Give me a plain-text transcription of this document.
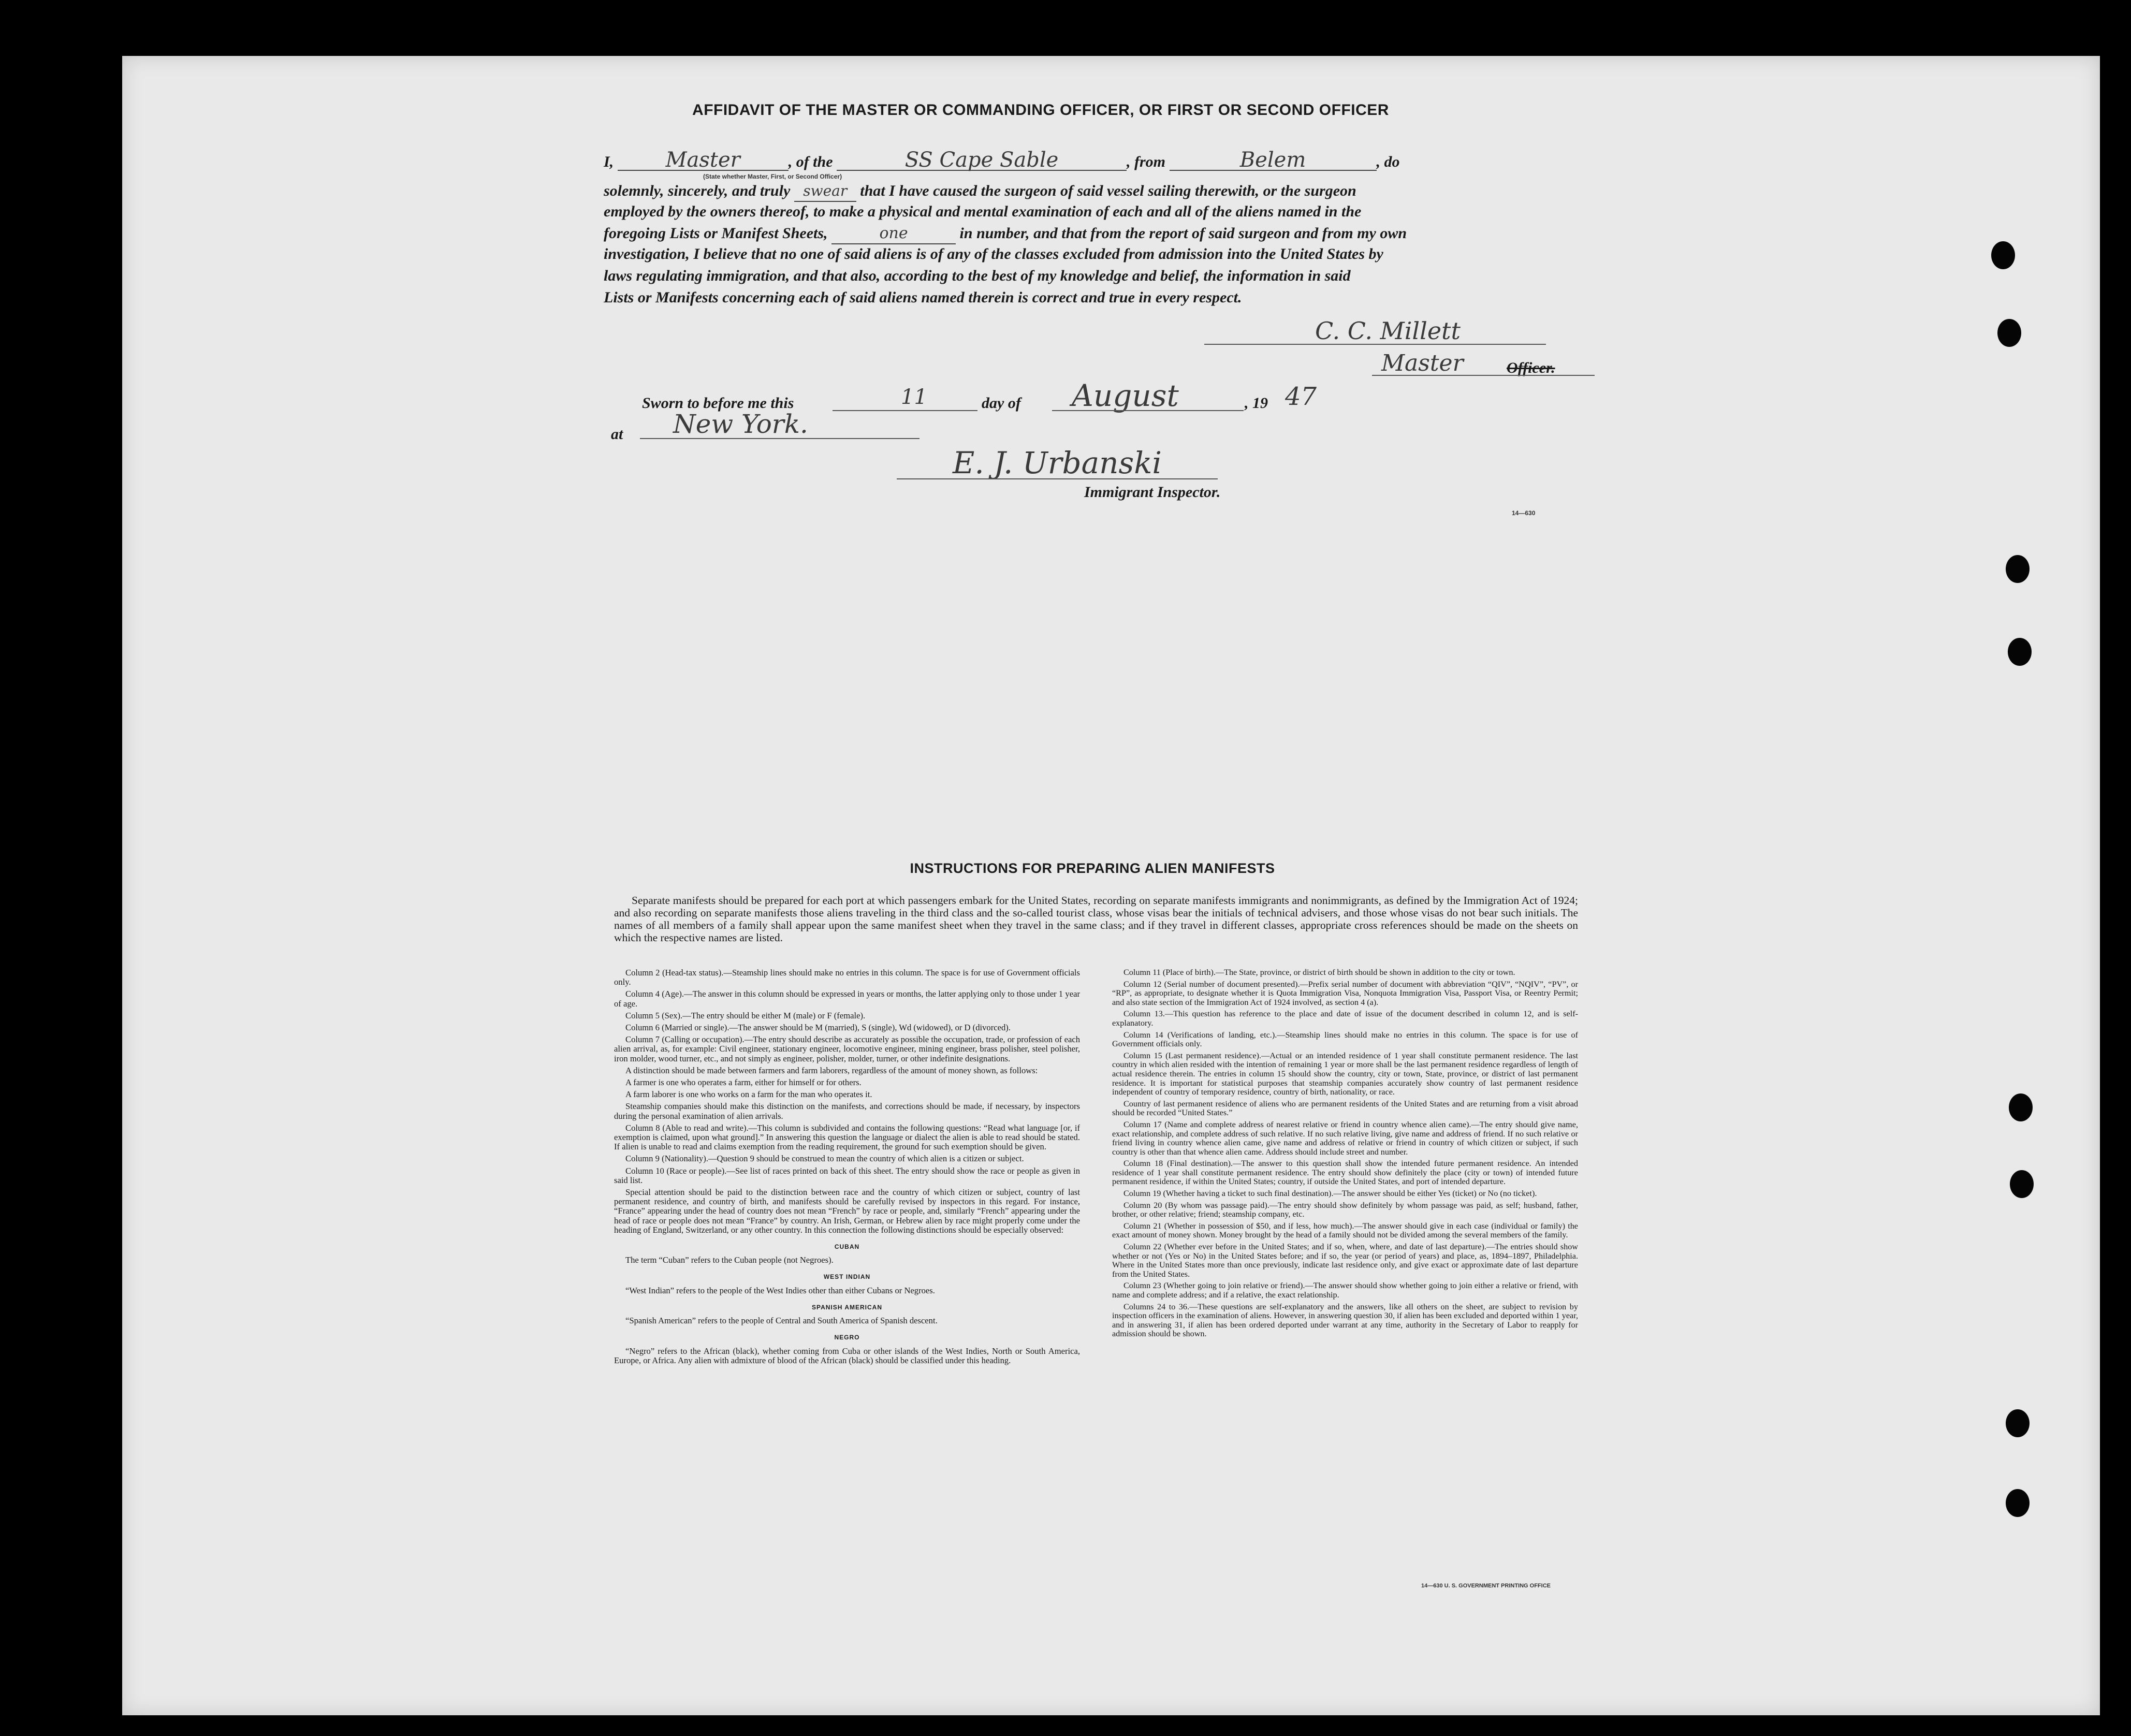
AFFIDAVIT OF THE MASTER OR COMMANDING OFFICER, OR FIRST OR SECOND OFFICER
I,	Master	, of the	SS Cape Sable	, from	Belem	, do
(State whether Master, First, or Second Officer)
solemnly, sincerely, and truly swear that I have caused the surgeon of said vessel sailing therewith, or the surgeon
employed by the owners thereof, to make a physical and mental examination of each and all of the aliens named in the
foregoing Lists or Manifest Sheets,	one	in number, and that from the report of said surgeon and from my own
investigation, I believe that no one of said aliens is of any of the classes excluded from admission into the United States by
laws regulating immigration, and that also, according to the best of my knowledge and belief, the information in said
Lists or Manifests concerning each of said aliens named therein is correct and true in every respect.
C. C. Millett
Master	Officer.
Sworn to before me this	11	day of August	, 19 47
at New York.
E. J. Urbanski
Immigrant Inspector.
14—630
INSTRUCTIONS FOR PREPARING ALIEN MANIFESTS

Separate manifests should be prepared for each port at which passengers embark for the United States, recording on separate manifests immigrants and nonimmigrants, as defined by the Immigration Act of 1924; and also recording on separate manifests those aliens traveling in the third class and the so-called tourist class, whose visas bear the initials of technical advisers, and those whose visas do not bear such initials. The names of all members of a family shall appear upon the same manifest sheet when they travel in the same class; and if they travel in different classes, appropriate cross references should be made on the sheets on which the respective names are listed.

Column 2 (Head-tax status).—Steamship lines should make no entries in this column. The space is for use of Government officials only.

Column 4 (Age).—The answer in this column should be expressed in years or months, the latter applying only to those under 1 year of age.

Column 5 (Sex).—The entry should be either M (male) or F (female).

Column 6 (Married or single).—The answer should be M (married), S (single), Wd (widowed), or D (divorced).

Column 7 (Calling or occupation).—The entry should describe as accurately as possible the occupation, trade, or profession of each alien arrival, as, for example: Civil engineer, stationary engineer, locomotive engineer, mining engineer, brass polisher, steel polisher, iron molder, wood turner, etc., and not simply as engineer, polisher, molder, turner, or other indefinite designations.

A distinction should be made between farmers and farm laborers, regardless of the amount of money shown, as follows:

A farmer is one who operates a farm, either for himself or for others.

A farm laborer is one who works on a farm for the man who operates it.

Steamship companies should make this distinction on the manifests, and corrections should be made, if necessary, by inspectors during the personal examination of alien arrivals.

Column 8 (Able to read and write).—This column is subdivided and contains the following questions: “Read what language [or, if exemption is claimed, upon what ground].” In answering this question the language or dialect the alien is able to read should be stated. If alien is unable to read and claims exemption from the reading requirement, the ground for such exemption should be given.

Column 9 (Nationality).—Question 9 should be construed to mean the country of which alien is a citizen or subject.

Column 10 (Race or people).—See list of races printed on back of this sheet. The entry should show the race or people as given in said list.

Special attention should be paid to the distinction between race and the country of which citizen or subject, country of last permanent residence, and country of birth, and manifests should be carefully revised by inspectors in this regard. For instance, “France” appearing under the head of country does not mean “French” by race or people, and, similarly “French” appearing under the head of race or people does not mean “France” by country. An Irish, German, or Hebrew alien by race might properly come under the heading of England, Switzerland, or any other country. In this connection the following distinctions should be especially observed:

CUBAN

The term “Cuban” refers to the Cuban people (not Negroes).

WEST INDIAN

“West Indian” refers to the people of the West Indies other than either Cubans or Negroes.

SPANISH AMERICAN

“Spanish American” refers to the people of Central and South America of Spanish descent.

NEGRO

“Negro” refers to the African (black), whether coming from Cuba or other islands of the West Indies, North or South America, Europe, or Africa. Any alien with admixture of blood of the African (black) should be classified under this heading.

Column 11 (Place of birth).—The State, province, or district of birth should be shown in addition to the city or town.

Column 12 (Serial number of document presented).—Prefix serial number of document with abbreviation “QIV”, “NQIV”, “PV”, or “RP”, as appropriate, to designate whether it is Quota Immigration Visa, Nonquota Immigration Visa, Passport Visa, or Reentry Permit; and also state section of the Immigration Act of 1924 involved, as section 4 (a).

Column 13.—This question has reference to the place and date of issue of the document described in column 12, and is self-explanatory.

Column 14 (Verifications of landing, etc.).—Steamship lines should make no entries in this column. The space is for use of Government officials only.

Column 15 (Last permanent residence).—Actual or an intended residence of 1 year shall constitute permanent residence. The last country in which alien resided with the intention of remaining 1 year or more shall be the last permanent residence regardless of length of actual residence therein. The entries in column 15 should show the country, city or town, State, province, or district of last permanent residence. It is important for statistical purposes that steamship companies accurately show country of last permanent residence independent of country of temporary residence, country of birth, nationality, or race.

Country of last permanent residence of aliens who are permanent residents of the United States and are returning from a visit abroad should be recorded “United States.”

Column 17 (Name and complete address of nearest relative or friend in country whence alien came).—The entry should give name, exact relationship, and complete address of such relative. If no such relative living, give name and address of friend. If no such relative or friend living in country whence alien came, give name and address of relative or friend in country of which citizen or subject, if such country is other than that whence alien came. Address should include street and number.

Column 18 (Final destination).—The answer to this question shall show the intended future permanent residence. An intended residence of 1 year shall constitute permanent residence. The entry should show definitely the place (city or town) of intended future permanent residence, if within the United States; country, if outside the United States, and port of intended departure.

Column 19 (Whether having a ticket to such final destination).—The answer should be either Yes (ticket) or No (no ticket).

Column 20 (By whom was passage paid).—The entry should show definitely by whom passage was paid, as self; husband, father, brother, or other relative; friend; steamship company, etc.

Column 21 (Whether in possession of $50, and if less, how much).—The answer should give in each case (individual or family) the exact amount of money shown. Money brought by the head of a family should not be divided among the several members of the family.

Column 22 (Whether ever before in the United States; and if so, when, where, and date of last departure).—The entries should show whether or not (Yes or No) in the United States before; and if so, the year (or period of years) and place, as, 1894–1897, Philadelphia. Where in the United States more than once previously, indicate last residence only, and give exact or approximate date of last departure from the United States.

Column 23 (Whether going to join relative or friend).—The answer should show whether going to join either a relative or friend, with name and complete address; and if a relative, the exact relationship.

Columns 24 to 36.—These questions are self-explanatory and the answers, like all others on the sheet, are subject to revision by inspection officers in the examination of aliens. However, in answering question 30, if alien has been excluded and deported within 1 year, and in answering 31, if alien has been ordered deported under warrant at any time, authority in the Secretary of Labor to reapply for admission should be shown.

14—630 U. S. GOVERNMENT PRINTING OFFICE
